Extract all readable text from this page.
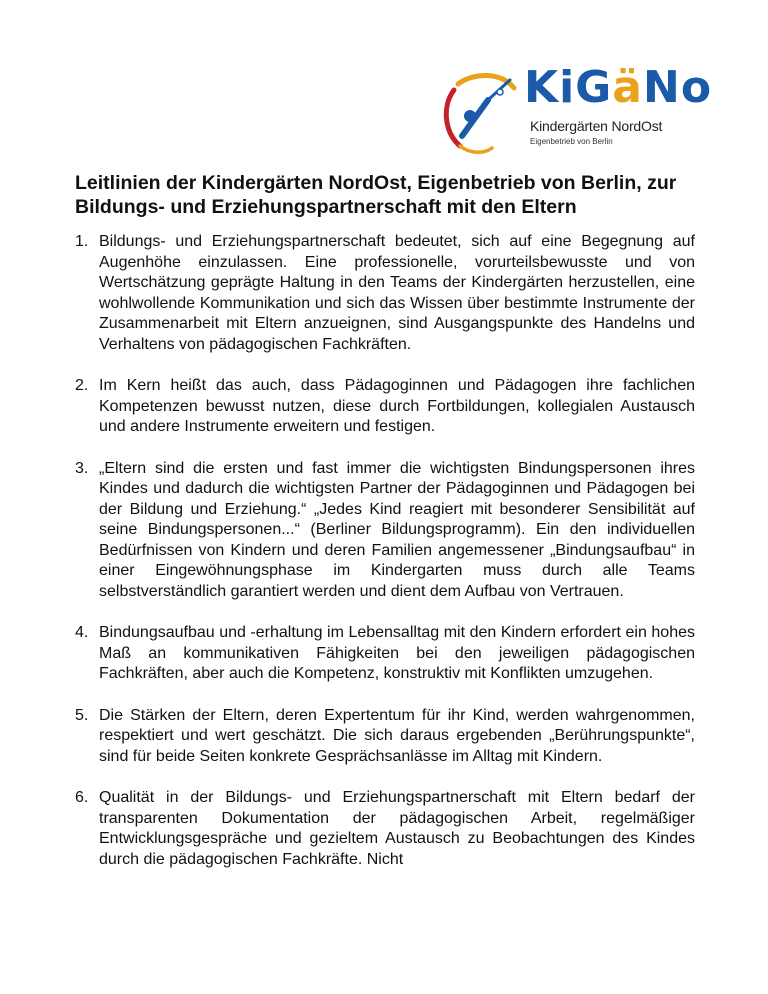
KiGäNo
Kindergärten NordOst
Eigenbetrieb von Berlin
Leitlinien der Kindergärten NordOst, Eigenbetrieb von Berlin, zur Bildungs- und Erziehungspartnerschaft mit den Eltern
1. Bildungs- und Erziehungspartnerschaft bedeutet, sich auf eine Begegnung auf Augenhöhe einzulassen. Eine professionelle, vorurteilsbewusste und von Wertschätzung geprägte Haltung in den Teams der Kindergärten herzustellen, eine wohlwollende Kommunikation und sich das Wissen über bestimmte Instrumente der Zusammenarbeit mit Eltern anzueignen, sind Ausgangspunkte des Handelns und Verhaltens von pädagogischen Fachkräften.
2. Im Kern heißt das auch, dass Pädagoginnen und Pädagogen ihre fachlichen Kompetenzen bewusst nutzen, diese durch Fortbildungen, kollegialen Austausch und andere Instrumente erweitern und festigen.
3. „Eltern sind die ersten und fast immer die wichtigsten Bindungspersonen ihres Kindes und dadurch die wichtigsten Partner der Pädagoginnen und Pädagogen bei der Bildung und Erziehung.“ „Jedes Kind reagiert mit besonderer Sensibilität auf seine Bindungspersonen...“ (Berliner Bildungsprogramm). Ein den individuellen Bedürfnissen von Kindern und deren Familien angemessener „Bindungsaufbau“ in einer Eingewöhnungsphase im Kindergarten muss durch alle Teams selbstverständlich garantiert werden und dient dem Aufbau von Vertrauen.
4. Bindungsaufbau und -erhaltung im Lebensalltag mit den Kindern erfordert ein hohes Maß an kommunikativen Fähigkeiten bei den jeweiligen pädagogischen Fachkräften, aber auch die Kompetenz, konstruktiv mit Konflikten umzugehen.
5. Die Stärken der Eltern, deren Expertentum für ihr Kind, werden wahrgenommen, respektiert und wert geschätzt. Die sich daraus ergebenden „Berührungspunkte“, sind für beide Seiten konkrete Gesprächsanlässe im Alltag mit Kindern.
6. Qualität in der Bildungs- und Erziehungspartnerschaft mit Eltern bedarf der transparenten Dokumentation der pädagogischen Arbeit, regelmäßiger Entwicklungsgespräche und gezieltem Austausch zu Beobachtungen des Kindes durch die pädagogischen Fachkräfte. Nicht
